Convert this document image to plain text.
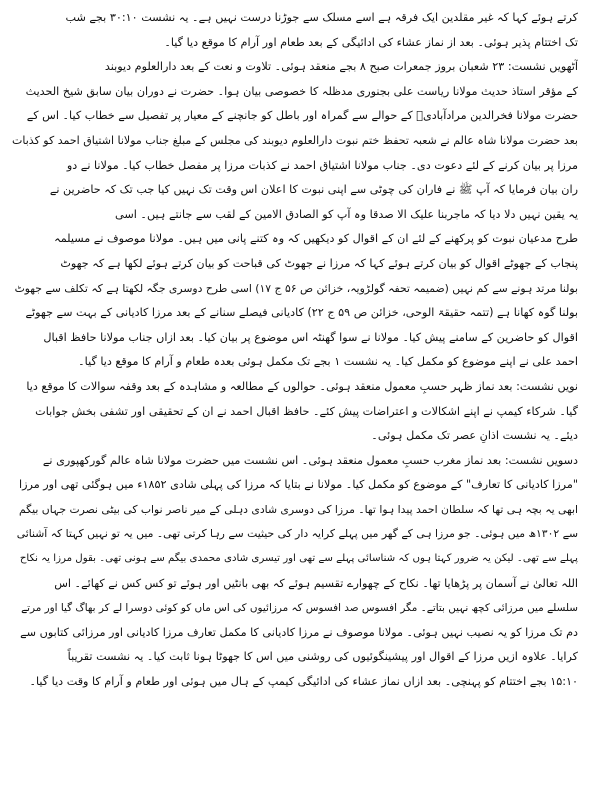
کرتے ہوئے کہا کہ غیر مقلدین ایک فرقہ ہے اسے مسلک سے جوڑنا درست نہیں ہے۔ یہ نشست ۳۰:۱۰ بجے شب
تک اختتام پذیر ہوئی۔ بعد از نماز عشاء کی ادائیگی کے بعد طعام اور آرام کا موقع دیا گیا۔
آٹھویں نشست: ۲۳ شعبان بروز جمعرات صبح ۸ بجے منعقد ہوئی۔ تلاوت و نعت کے بعد دارالعلوم دیوبند
کے مؤقر استاذ حدیث مولانا ریاست علی بجنوری مدظلہ کا خصوصی بیان ہوا۔ حضرت نے دوران بیان سابق شیخ الحدیث
حضرت مولانا فخرالدین مرادآبادیؒ کے حوالے سے گمراہ اور باطل کو جانچنے کے معیار پر تفصیل سے خطاب کیا۔ اس کے
بعد حضرت مولانا شاہ عالم نے شعبہ تحفظ ختم نبوت دارالعلوم دیوبند کی مجلس کے مبلغ جناب مولانا اشتیاق احمد کو کذبات
مرزا پر بیان کرنے کے لئے دعوت دی۔ جناب مولانا اشتیاق احمد نے کذبات مرزا پر مفصل خطاب کیا۔ مولانا نے دو
ران بیان فرمایا کہ آپ ﷺ نے فاران کی چوٹی سے اپنی نبوت کا اعلان اس وقت تک نہیں کیا جب تک کہ حاضرین نے
یہ یقین نہیں دلا دیا کہ ماجربنا علیک الا صدقا وہ آپ کو الصادق الامین کے لقب سے جانتے ہیں۔ اسی
طرح مدعیان نبوت کو پرکھنے کے لئے ان کے اقوال کو دیکھیں کہ وہ کتنے پانی میں ہیں۔ مولانا موصوف نے مسیلمہ
پنجاب کے جھوٹے اقوال کو بیان کرتے ہوئے کہا کہ مرزا نے جھوٹ کی قباحت کو بیان کرتے ہوئے لکھا ہے کہ جھوٹ
بولنا مرتد ہونے سے کم نہیں (ضمیمہ تحفہ گولڑویہ، خزائن ص ۵۶ ج ۱۷) اسی طرح دوسری جگہ لکھتا ہے کہ تکلف سے جھوٹ
بولنا گوہ کھانا ہے (تتمہ حقیقۃ الوحی، خزائن ص ۵۹ ج ۲۲) کادیانی فیصلے سنانے کے بعد مرزا کادیانی کے بہت سے جھوٹے
اقوال کو حاضرین کے سامنے پیش کیا۔ مولانا نے سوا گھنٹہ اس موضوع پر بیان کیا۔ بعد ازاں جناب مولانا حافظ اقبال
احمد علی نے اپنے موضوع کو مکمل کیا۔ یہ نشست ۱ بجے تک مکمل ہوئی بعدہ طعام و آرام کا موقع دیا گیا۔
نویں نشست: بعد نماز ظہر حسبِ معمول منعقد ہوئی۔ حوالوں کے مطالعہ و مشاہدہ کے بعد وقفہ سوالات کا موقع دیا
گیا۔ شرکاء کیمپ نے اپنے اشکالات و اعتراضات پیش کئے۔ حافظ اقبال احمد نے ان کے تحقیقی اور تشفی بخش جوابات
دیئے۔ یہ نشست اذانِ عصر تک مکمل ہوئی۔
دسویں نشست: بعد نماز مغرب حسبِ معمول منعقد ہوئی۔ اس نشست میں حضرت مولانا شاہ عالم گورکھپوری نے
"مرزا کادیانی کا تعارف" کے موضوع کو مکمل کیا۔ مولانا نے بتایا کہ مرزا کی پہلی شادی ۱۸۵۲ء میں ہوگئی تھی اور مرزا
ابھی یہ بچہ ہی تھا کہ سلطان احمد پیدا ہوا تھا۔ مرزا کی دوسری شادی دہلی کے میر ناصر نواب کی بیٹی نصرت جہاں بیگم
سے ۱۳۰۲ھ میں ہوئی۔ جو مرزا ہی کے گھر میں پہلے کرایہ دار کی حیثیت سے رہا کرتی تھی۔ میں یہ تو نہیں کہتا کہ آشنائی
پہلے سے تھی۔ لیکن یہ ضرور کہتا ہوں کہ شناسائی پہلے سے تھی اور تیسری شادی محمدی بیگم سے ہونی تھی۔ بقول مرزا یہ نکاح
اللہ تعالیٰ نے آسمان پر پڑھایا تھا۔ نکاح کے چھوارے تقسیم ہوئے کہ بھی بانٹیں اور ہوئے تو کس کس نے کھائے۔ اس
سلسلے میں مرزائی کچھ نہیں بتاتے۔ مگر افسوس صد افسوس کہ مرزائیوں کی اس ماں کو کوئی دوسرا لے کر بھاگ گیا اور مرتے
دم تک مرزا کو یہ نصیب نہیں ہوئی۔ مولانا موصوف نے مرزا کادیانی کا مکمل تعارف مرزا کادیانی اور مرزائی کتابوں سے
کرایا۔ علاوہ ازیں مرزا کے اقوال اور پیشینگوئیوں کی روشنی میں اس کا جھوٹا ہونا ثابت کیا۔ یہ نشست تقریباً
۱۵:۱۰ بجے اختتام کو پہنچی۔ بعد ازاں نماز عشاء کی ادائیگی کیمپ کے ہال میں ہوئی اور طعام و آرام کا وقت دیا گیا۔
